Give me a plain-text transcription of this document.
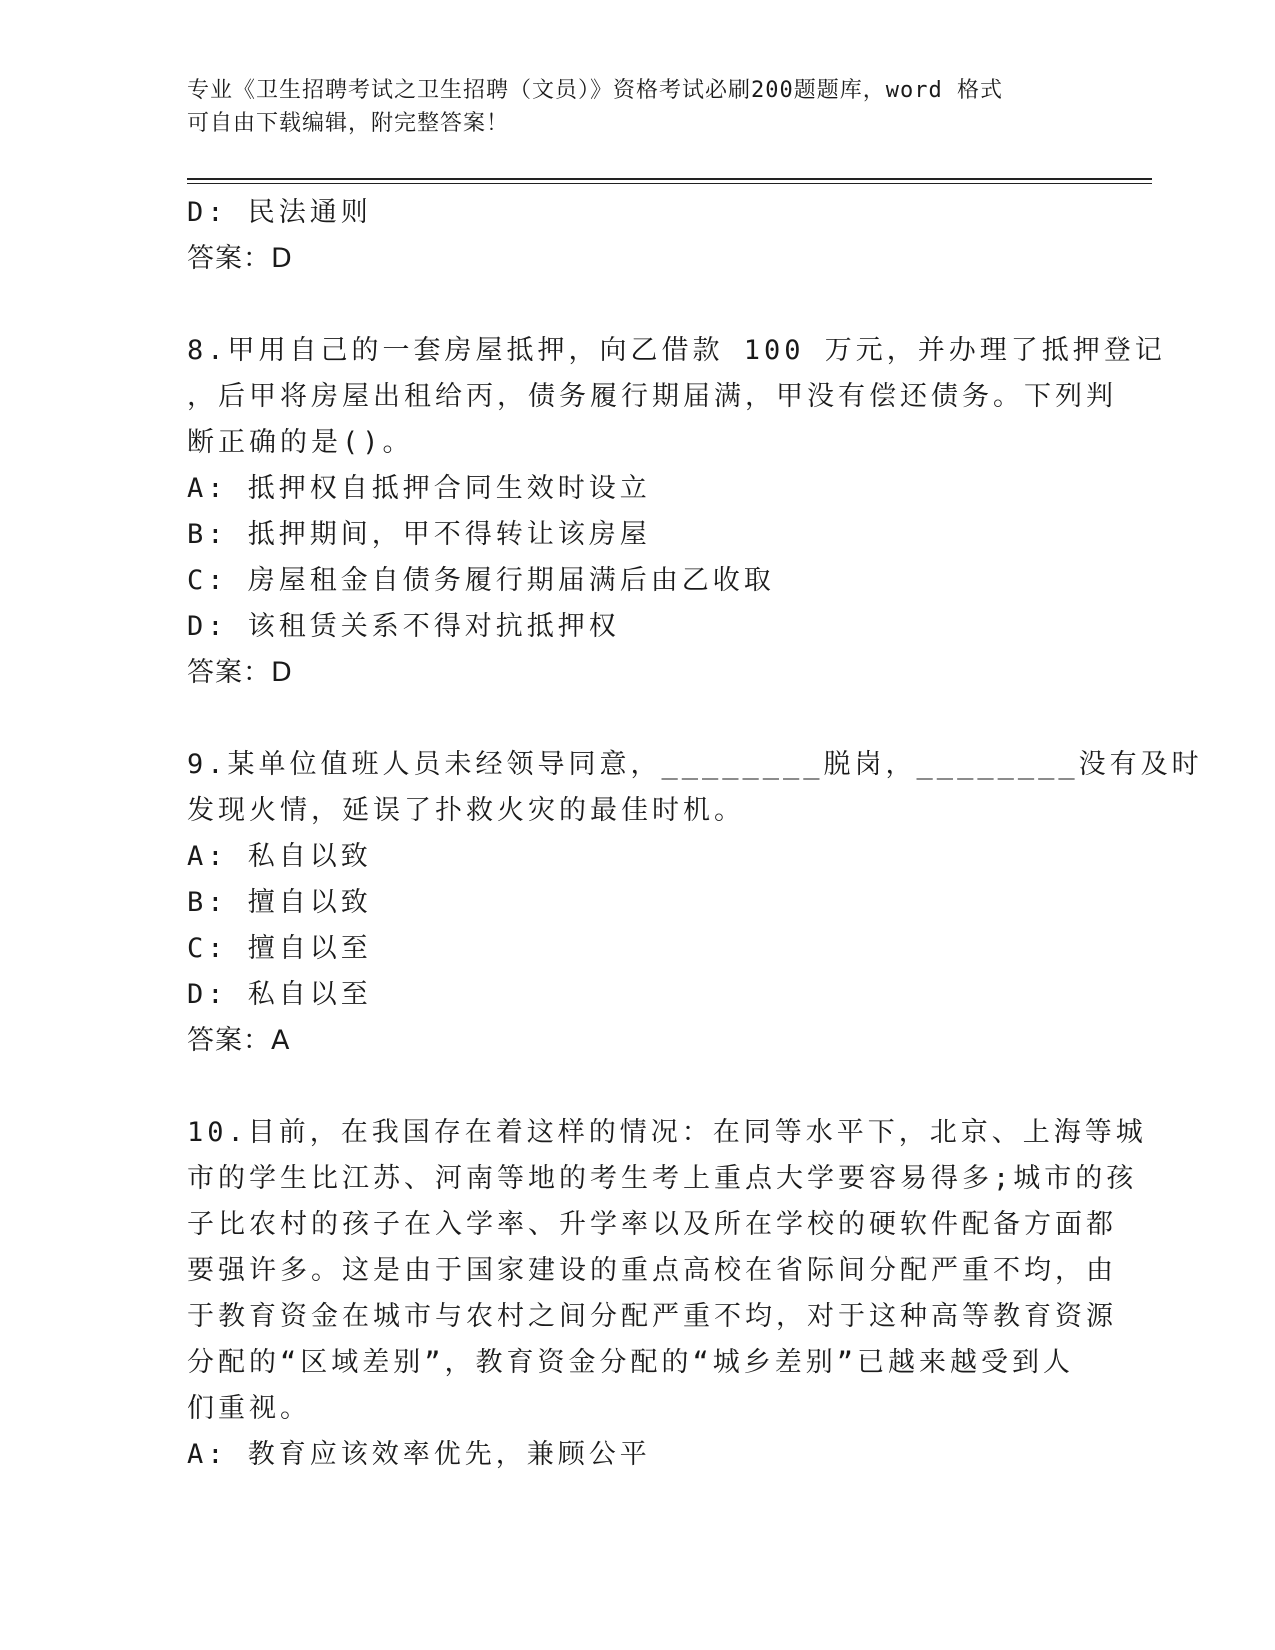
专业《卫生招聘考试之卫生招聘（文员）》资格考试必刷200题题库，word 格式
可自由下载编辑，附完整答案！
D: 民法通则
答案：D
8.甲用自己的一套房屋抵押，向乙借款 100 万元，并办理了抵押登记
，后甲将房屋出租给丙，债务履行期届满，甲没有偿还债务。下列判
断正确的是()。
A: 抵押权自抵押合同生效时设立
B: 抵押期间，甲不得转让该房屋
C: 房屋租金自债务履行期届满后由乙收取
D: 该租赁关系不得对抗抵押权
答案：D
9.某单位值班人员未经领导同意，________脱岗，________没有及时
发现火情，延误了扑救火灾的最佳时机。
A: 私自以致
B: 擅自以致
C: 擅自以至
D: 私自以至
答案：A
10.目前，在我国存在着这样的情况：在同等水平下，北京、上海等城
市的学生比江苏、河南等地的考生考上重点大学要容易得多;城市的孩
子比农村的孩子在入学率、升学率以及所在学校的硬软件配备方面都
要强许多。这是由于国家建设的重点高校在省际间分配严重不均，由
于教育资金在城市与农村之间分配严重不均，对于这种高等教育资源
分配的“区域差别”，教育资金分配的“城乡差别”已越来越受到人
们重视。
A: 教育应该效率优先，兼顾公平
